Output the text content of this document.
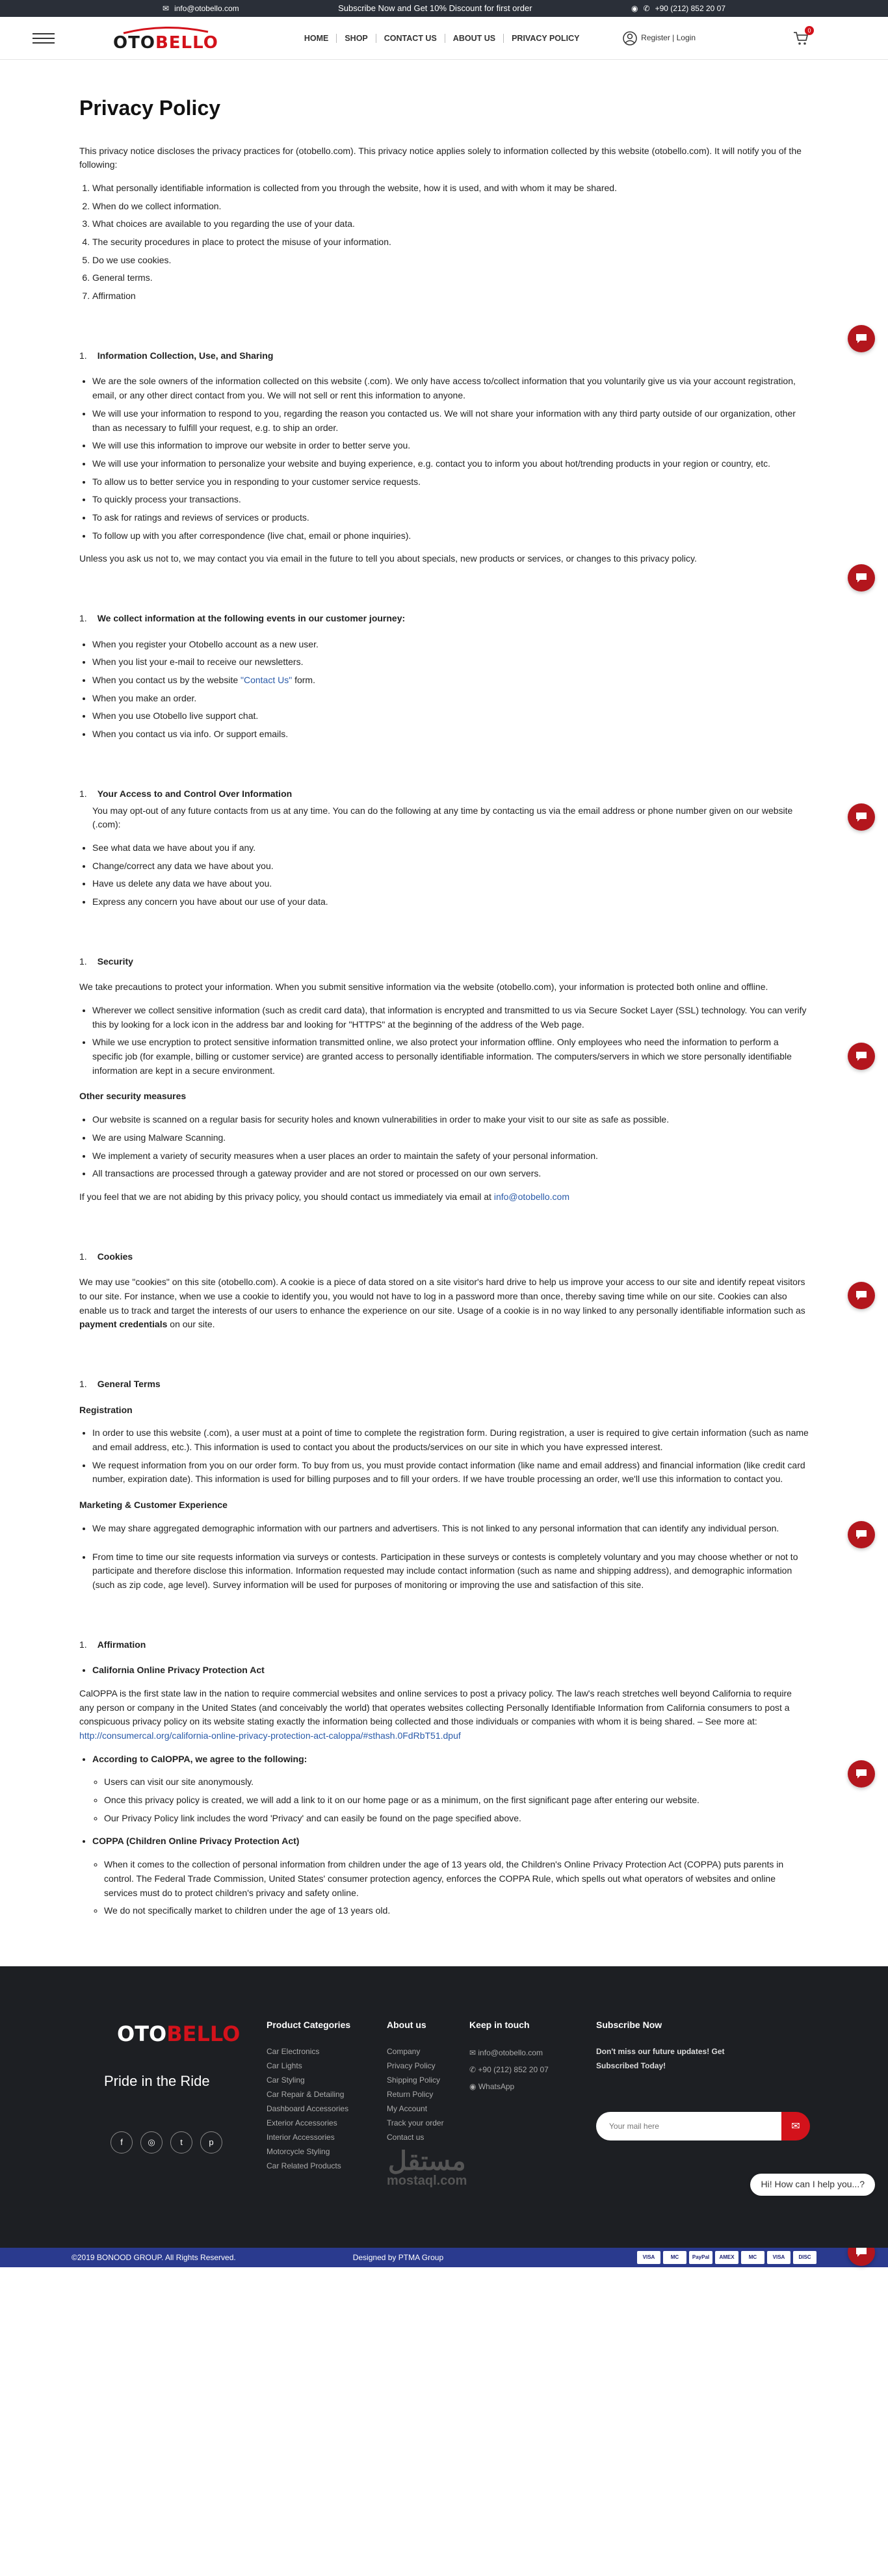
✉ info@otobello.com	Subscribe Now and Get 10% Discount for first order	◉ ✆ +90 (212) 852 20 07
OTOBELLO	HOME	SHOP	CONTACT US	ABOUT US	PRIVACY POLICY	Register | Login
0
Privacy Policy

This privacy notice discloses the privacy practices for (otobello.com). This privacy notice applies solely to information collected by this website (otobello.com). It will notify you of the following:

1. What personally identifiable information is collected from you through the website, how it is used, and with whom it may be shared.
2. When do we collect information.
3. What choices are available to you regarding the use of your data.
4. The security procedures in place to protect the misuse of your information.
5. Do we use cookies.
6. General terms.
7. Affirmation
1. Information Collection, Use, and Sharing
• We are the sole owners of the information collected on this website (.com). We only have access to/collect information that you voluntarily give us via your account registration, email, or any other direct contact from you. We will not sell or rent this information to anyone.
• We will use your information to respond to you, regarding the reason you contacted us. We will not share your information with any third party outside of our organization, other than as necessary to fulfill your request, e.g. to ship an order.
• We will use this information to improve our website in order to better serve you.
• We will use your information to personalize your website and buying experience, e.g. contact you to inform you about hot/trending products in your region or country, etc.
• To allow us to better service you in responding to your customer service requests.
• To quickly process your transactions.
• To ask for ratings and reviews of services or products.
• To follow up with you after correspondence (live chat, email or phone inquiries).

Unless you ask us not to, we may contact you via email in the future to tell you about specials, new products or services, or changes to this privacy policy.

1. We collect information at the following events in our customer journey:
• When you register your Otobello account as a new user.
• When you list your e-mail to receive our newsletters.
• When you contact us by the website "Contact Us" form.
• When you make an order.
• When you use Otobello live support chat.
• When you contact us via info. Or support emails.
1. Your Access to and Control Over Information

You may opt-out of any future contacts from us at any time. You can do the following at any time by contacting us via the email address or phone number given on our website (.com):

• See what data we have about you if any.
• Change/correct any data we have about you.
• Have us delete any data we have about you.
• Express any concern you have about our use of your data.
1. Security

We take precautions to protect your information. When you submit sensitive information via the website (otobello.com), your information is protected both online and offline.

• Wherever we collect sensitive information (such as credit card data), that information is encrypted and transmitted to us via Secure Socket Layer (SSL) technology. You can verify this by looking for a lock icon in the address bar and looking for "HTTPS" at the beginning of the address of the Web page.
• While we use encryption to protect sensitive information transmitted online, we also protect your information offline. Only employees who need the information to perform a specific job (for example, billing or customer service) are granted access to personally identifiable information. The computers/servers in which we store personally identifiable information are kept in a secure environment.
Other security measures
• Our website is scanned on a regular basis for security holes and known vulnerabilities in order to make your visit to our site as safe as possible.
• We are using Malware Scanning.
• We implement a variety of security measures when a user places an order to maintain the safety of your personal information.
• All transactions are processed through a gateway provider and are not stored or processed on our own servers.

If you feel that we are not abiding by this privacy policy, you should contact us immediately via email at info@otobello.com

1. Cookies

We may use "cookies" on this site (otobello.com). A cookie is a piece of data stored on a site visitor's hard drive to help us improve your access to our site and identify repeat visitors to our site. For instance, when we use a cookie to identify you, you would not have to log in a password more than once, thereby saving time while on our site. Cookies can also enable us to track and target the interests of our users to enhance the experience on our site. Usage of a cookie is in no way linked to any personally identifiable information such as payment credentials on our site.

1. General Terms
Registration
• In order to use this website (.com), a user must at a point of time to complete the registration form. During registration, a user is required to give certain information (such as name and email address, etc.). This information is used to contact you about the products/services on our site in which you have expressed interest.
• We request information from you on our order form. To buy from us, you must provide contact information (like name and email address) and financial information (like credit card number, expiration date). This information is used for billing purposes and to fill your orders. If we have trouble processing an order, we'll use this information to contact you.
Marketing & Customer Experience
• We may share aggregated demographic information with our partners and advertisers. This is not linked to any personal information that can identify any individual person.
• From time to time our site requests information via surveys or contests. Participation in these surveys or contests is completely voluntary and you may choose whether or not to participate and therefore disclose this information. Information requested may include contact information (such as name and shipping address), and demographic information (such as zip code, age level). Survey information will be used for purposes of monitoring or improving the use and satisfaction of this site.
1. Affirmation
• California Online Privacy Protection Act

CalOPPA is the first state law in the nation to require commercial websites and online services to post a privacy policy. The law's reach stretches well beyond California to require any person or company in the United States (and conceivably the world) that operates websites collecting Personally Identifiable Information from California consumers to post a conspicuous privacy policy on its website stating exactly the information being collected and those individuals or companies with whom it is being shared. – See more at: http://consumercal.org/california-online-privacy-protection-act-caloppa/#sthash.0FdRbT51.dpuf

• According to CalOPPA, we agree to the following:
◦ Users can visit our site anonymously.
◦ Once this privacy policy is created, we will add a link to it on our home page or as a minimum, on the first significant page after entering our website.
◦ Our Privacy Policy link includes the word 'Privacy' and can easily be found on the page specified above.
• COPPA (Children Online Privacy Protection Act)
◦ When it comes to the collection of personal information from children under the age of 13 years old, the Children's Online Privacy Protection Act (COPPA) puts parents in control. The Federal Trade Commission, United States' consumer protection agency, enforces the COPPA Rule, which spells out what operators of websites and online services must do to protect children's privacy and safety online.
◦ We do not specifically market to children under the age of 13 years old.
OTOBELLO
Pride in the Ride
f	◎	t	p
Product Categories
Car Electronics
Car Lights
Car Styling
Car Repair & Detailing
Dashboard Accessories
Exterior Accessories
Interior Accessories
Motorcycle Styling
Car Related Products
About us
Company
Privacy Policy
Shipping Policy
Return Policy
My Account
Track your order
Contact us
Keep in touch
✉ info@otobello.com
✆ +90 (212) 852 20 07
◉ WhatsApp
Subscribe Now

Don't miss our future updates! Get Subscribed Today!

Your mail here
✉
مستقل
mostaql.com	Hi! How can I help you...?
©2019 BONOOD GROUP. All Rights Reserved.	Designed by PTMA Group	VISA	MC	PayPal	AMEX	MC	VISA	DISC
